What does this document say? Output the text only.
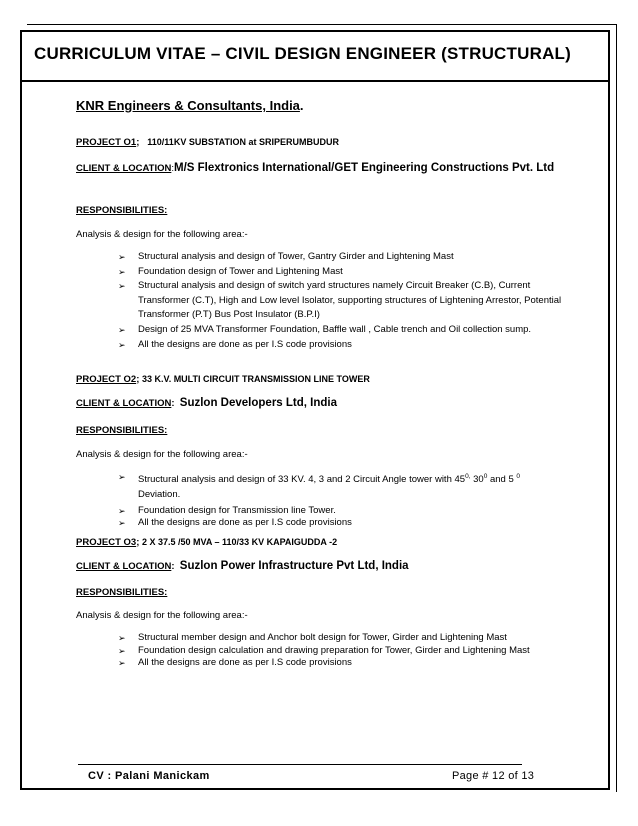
CURRICULUM VITAE – CIVIL DESIGN ENGINEER (STRUCTURAL)
KNR Engineers & Consultants, India.
PROJECT O1; 110/11KV SUBSTATION at SRIPERUMBUDUR
CLIENT & LOCATION:M/S Flextronics International/GET Engineering Constructions Pvt. Ltd
RESPONSIBILITIES:
Analysis & design for the following area:-
➢ Structural analysis and design of Tower, Gantry Girder and Lightening Mast
➢ Foundation design of Tower and Lightening Mast
➢ Structural analysis and design of switch yard structures namely Circuit Breaker (C.B), Current Transformer (C.T), High and Low level Isolator, supporting structures of Lightening Arrestor, Potential Transformer (P.T) Bus Post Insulator (B.P.I)
➢ Design of 25 MVA Transformer Foundation, Baffle wall , Cable trench and Oil collection sump.
➢ All the designs are done as per I.S code provisions
PROJECT O2; 33 K.V. MULTI CIRCUIT TRANSMISSION LINE TOWER
CLIENT & LOCATION: Suzlon Developers Ltd, India
RESPONSIBILITIES:
Analysis & design for the following area:-
➢ Structural analysis and design of 33 KV. 4, 3 and 2 Circuit Angle tower with $45^{0,}$ $30^0$ and 5 $^0$
Deviation.
➢ Foundation design for Transmission line Tower.
➢ All the designs are done as per I.S code provisions
PROJECT O3; 2 X 37.5 /50 MVA – 110/33 KV KAPAIGUDDA -2
CLIENT & LOCATION: Suzlon Power Infrastructure Pvt Ltd, India
RESPONSIBILITIES:
Analysis & design for the following area:-
➢ Structural member design and Anchor bolt design for Tower, Girder and Lightening Mast
➢ Foundation design calculation and drawing preparation for Tower, Girder and Lightening Mast
➢ All the designs are done as per I.S code provisions
CV : Palani Manickam	Page # 12 of 13
